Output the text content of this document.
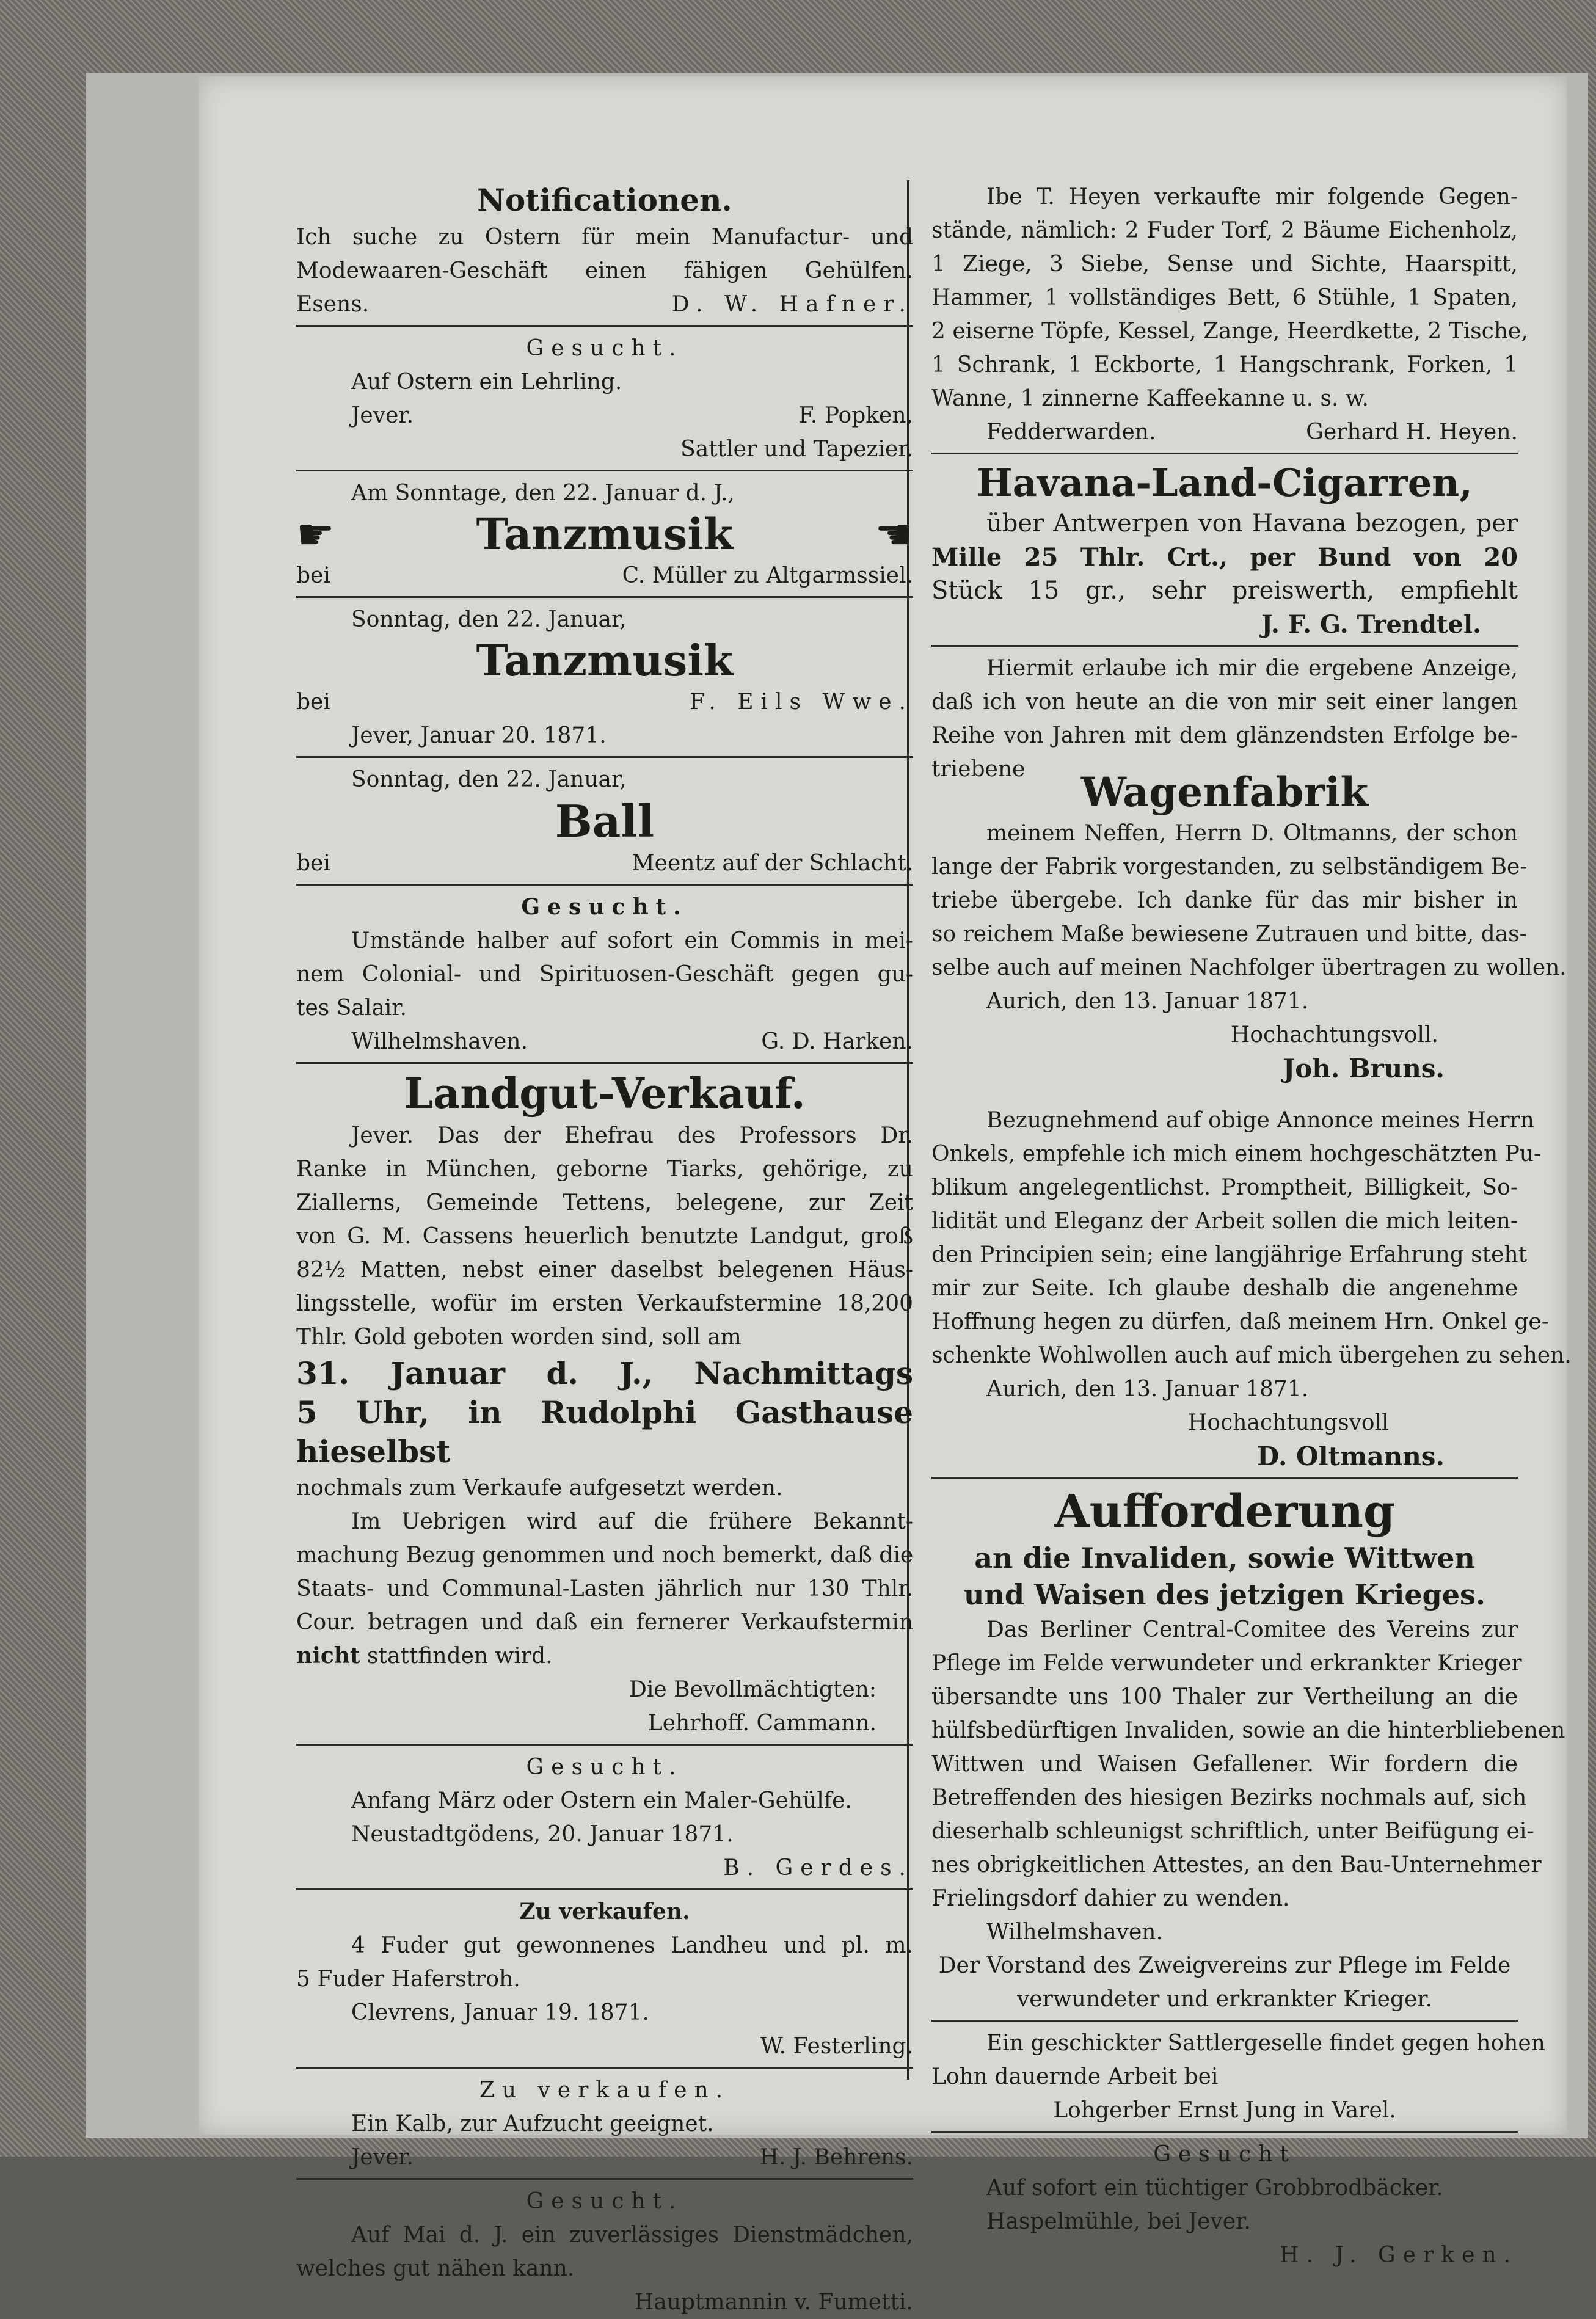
Notificationen.
Ich suche zu Ostern für mein Manufactur- und
Modewaaren-Geschäft einen fähigen Gehülfen.
Esens.	D. W. Hafner.
Gesucht.
Auf Ostern ein Lehrling.
Jever.	F. Popken,
Sattler und Tapezier.
Am Sonntage, den 22. Januar d. J.,
☛	Tanzmusik	☚
bei	C. Müller zu Altgarmssiel.
Sonntag, den 22. Januar,
Tanzmusik
bei	F. Eils Wwe.
Jever, Januar 20. 1871.
Sonntag, den 22. Januar,
Ball
bei	Meentz auf der Schlacht.
Gesucht.
Umstände halber auf sofort ein Commis in mei-
nem Colonial- und Spirituosen-Geschäft gegen gu-
tes Salair.
Wilhelmshaven.	G. D. Harken.
Landgut-Verkauf.
Jever. Das der Ehefrau des Professors Dr.
Ranke in München, geborne Tiarks, gehörige, zu
Ziallerns, Gemeinde Tettens, belegene, zur Zeit
von G. M. Cassens heuerlich benutzte Landgut, groß
82½ Matten, nebst einer daselbst belegenen Häus-
lingsstelle, wofür im ersten Verkaufstermine 18,200
Thlr. Gold geboten worden sind, soll am
31. Januar d. J., Nachmittags
5 Uhr, in Rudolphi Gasthause
hieselbst
nochmals zum Verkaufe aufgesetzt werden.
Im Uebrigen wird auf die frühere Bekannt-
machung Bezug genommen und noch bemerkt, daß die
Staats- und Communal-Lasten jährlich nur 130 Thlr.
Cour. betragen und daß ein fernerer Verkaufstermin
nicht stattfinden wird.
Die Bevollmächtigten:
Lehrhoff. Cammann.
Gesucht.
Anfang März oder Ostern ein Maler-Gehülfe.
Neustadtgödens, 20. Januar 1871.
B. Gerdes.
Zu verkaufen.
4 Fuder gut gewonnenes Landheu und pl. m.
5 Fuder Haferstroh.
Clevrens, Januar 19. 1871.
W. Festerling.
Zu verkaufen.
Ein Kalb, zur Aufzucht geeignet.
Jever.	H. J. Behrens.
Gesucht.
Auf Mai d. J. ein zuverlässiges Dienstmädchen,
welches gut nähen kann.
Hauptmannin v. Fumetti.
Ibe T. Heyen verkaufte mir folgende Gegen-
stände, nämlich: 2 Fuder Torf, 2 Bäume Eichenholz,
1 Ziege, 3 Siebe, Sense und Sichte, Haarspitt,
Hammer, 1 vollständiges Bett, 6 Stühle, 1 Spaten,
2 eiserne Töpfe, Kessel, Zange, Heerdkette, 2 Tische,
1 Schrank, 1 Eckborte, 1 Hangschrank, Forken, 1
Wanne, 1 zinnerne Kaffeekanne u. s. w.
Fedderwarden.	Gerhard H. Heyen.
Havana-Land-Cigarren,
über Antwerpen von Havana bezogen, per
Mille 25 Thlr. Crt., per Bund von 20
Stück 15 gr., sehr preiswerth, empfiehlt
J. F. G. Trendtel.
Hiermit erlaube ich mir die ergebene Anzeige,
daß ich von heute an die von mir seit einer langen
Reihe von Jahren mit dem glänzendsten Erfolge be-
triebene	Wagenfabrik
meinem Neffen, Herrn D. Oltmanns, der schon
lange der Fabrik vorgestanden, zu selbständigem Be-
triebe übergebe. Ich danke für das mir bisher in
so reichem Maße bewiesene Zutrauen und bitte, das-
selbe auch auf meinen Nachfolger übertragen zu wollen.
Aurich, den 13. Januar 1871.
Hochachtungsvoll.
Joh. Bruns.
Bezugnehmend auf obige Annonce meines Herrn
Onkels, empfehle ich mich einem hochgeschätzten Pu-
blikum angelegentlichst. Promptheit, Billigkeit, So-
lidität und Eleganz der Arbeit sollen die mich leiten-
den Principien sein; eine langjährige Erfahrung steht
mir zur Seite. Ich glaube deshalb die angenehme
Hoffnung hegen zu dürfen, daß meinem Hrn. Onkel ge-
schenkte Wohlwollen auch auf mich übergehen zu sehen.
Aurich, den 13. Januar 1871.
Hochachtungsvoll
D. Oltmanns.
Aufforderung
an die Invaliden, sowie Wittwen
und Waisen des jetzigen Krieges.
Das Berliner Central-Comitee des Vereins zur
Pflege im Felde verwundeter und erkrankter Krieger
übersandte uns 100 Thaler zur Vertheilung an die
hülfsbedürftigen Invaliden, sowie an die hinterbliebenen
Wittwen und Waisen Gefallener. Wir fordern die
Betreffenden des hiesigen Bezirks nochmals auf, sich
dieserhalb schleunigst schriftlich, unter Beifügung ei-
nes obrigkeitlichen Attestes, an den Bau-Unternehmer
Frielingsdorf dahier zu wenden.
Wilhelmshaven.
Der Vorstand des Zweigvereins zur Pflege im Felde
verwundeter und erkrankter Krieger.
Ein geschickter Sattlergeselle findet gegen hohen
Lohn dauernde Arbeit bei
Lohgerber Ernst Jung in Varel.
Gesucht
Auf sofort ein tüchtiger Grobbrodbäcker.
Haspelmühle, bei Jever.
H. J. Gerken.
